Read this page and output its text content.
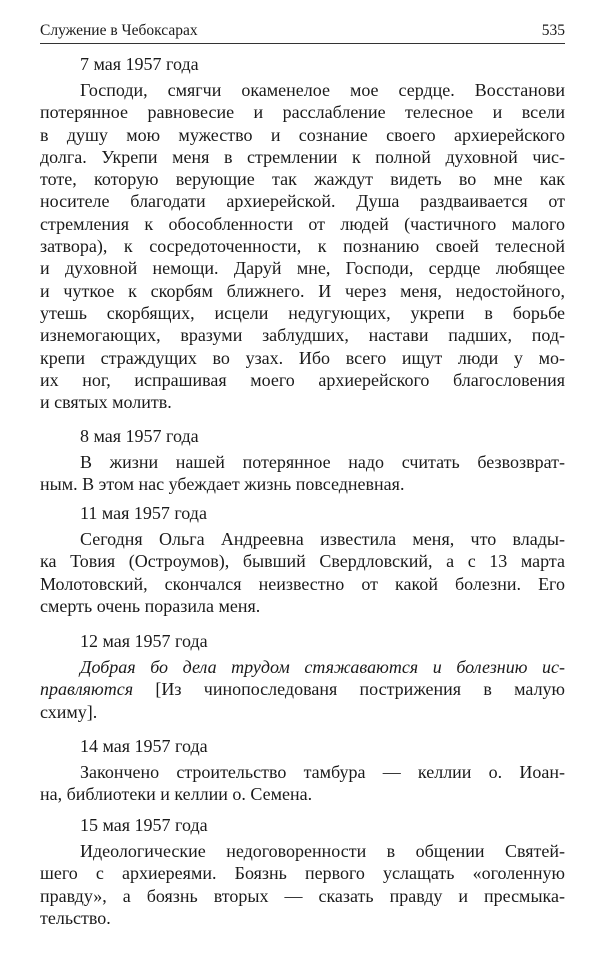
Служение в Чебоксарах	535
7 мая 1957 года
Господи, смягчи окаменелое мое сердце. Восстанови
потерянное равновесие и расслабление телесное и всели
в душу мою мужество и сознание своего архиерейского
долга. Укрепи меня в стремлении к полной духовной чис-
тоте, которую верующие так жаждут видеть во мне как
носителе благодати архиерейской. Душа раздваивается от
стремления к обособленности от людей (частичного малого
затвора), к сосредоточенности, к познанию своей телесной
и духовной немощи. Даруй мне, Господи, сердце любящее
и чуткое к скорбям ближнего. И через меня, недостойного,
утешь скорбящих, исцели недугующих, укрепи в борьбе
изнемогающих, вразуми заблудших, настави падших, под-
крепи страждущих во узах. Ибо всего ищут люди у мо-
их ног, испрашивая моего архиерейского благословения
и святых молитв.
8 мая 1957 года
В жизни нашей потерянное надо считать безвозврат-
ным. В этом нас убеждает жизнь повседневная.
11 мая 1957 года
Сегодня Ольга Андреевна известила меня, что влады-
ка Товия (Остроумов), бывший Свердловский, а с 13 марта
Молотовский, скончался неизвестно от какой болезни. Его
смерть очень поразила меня.
12 мая 1957 года
Добрая бо дела трудом стяжаваются и болезнию ис-
правляются [Из чинопоследованя пострижения в малую
схиму].
14 мая 1957 года
Закончено строительство тамбура — келлии о. Иоан-
на, библиотеки и келлии о. Семена.
15 мая 1957 года
Идеологические недоговоренности в общении Святей-
шего с архиереями. Боязнь первого услащать «оголенную
правду», а боязнь вторых — сказать правду и пресмыка-
тельство.
